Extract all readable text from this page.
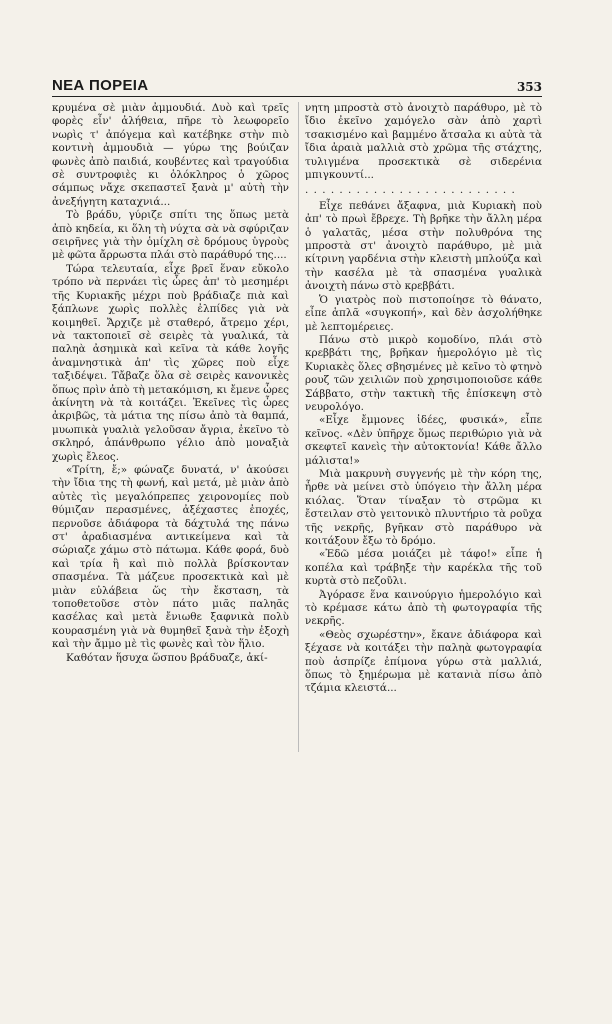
ΝΕΑ ΠΟΡΕΙΑ	353

κρυμένα σὲ μιὰν ἀμμουδιά. Δυὸ καὶ τρεῖς φορὲς εἶν' ἀλήθεια, πῆρε τὸ λεωφορεῖο νωρὶς τ' ἀπόγεμα καὶ κατέβηκε στὴν πιὸ κοντινὴ ἀμμουδιὰ — γύρω της βούιζαν φωνὲς ἀπὸ παιδιά, κουβέντες καὶ τραγούδια σὲ συντροφιὲς κι ὁλόκληρος ὁ χῶρος σάμπως νἄχε σκεπαστεῖ ξανὰ μ' αὐτὴ τὴν ἀνεξήγητη καταχνιά...

Τὸ βράδυ, γύριζε σπίτι της ὅπως μετὰ ἀπὸ κηδεία, κι ὅλη τὴ νύχτα σὰ νὰ σφύριζαν σειρῆνες γιὰ τὴν ὁμίχλη σὲ δρόμους ὑγροὺς μὲ φῶτα ἄρρωστα πλάι στὸ παράθυρό της....

Τώρα τελευταία, εἶχε βρεῖ ἕναν εὔκολο τρόπο νὰ περνάει τὶς ὧρες ἀπ' τὸ μεσημέρι τῆς Κυριακῆς μέχρι ποὺ βράδιαζε πιὰ καὶ ξάπλωνε χωρὶς πολλὲς ἐλπίδες γιὰ νὰ κοιμηθεῖ. Ἄρχιζε μὲ σταθερό, ἄτρεμο χέρι, νὰ τακτοποιεῖ σὲ σειρὲς τὰ γυαλικά, τὰ παληὰ ἀσημικὰ καὶ κεῖνα τὰ κάθε λογῆς ἀναμνηστικὰ ἀπ' τὶς χῶρες ποὺ εἶχε ταξιδέψει. Τἄβαζε ὅλα σὲ σειρὲς κανονικὲς ὅπως πρὶν ἀπὸ τὴ μετακόμιση, κι ἔμενε ὧρες ἀκίνητη νὰ τὰ κοιτάζει. Ἐκεῖνες τὶς ὧρες ἀκριβῶς, τὰ μάτια της πίσω ἀπὸ τὰ θαμπά, μυωπικὰ γυαλιὰ γελοῦσαν ἄγρια, ἐκεῖνο τὸ σκληρό, ἀπάνθρωπο γέλιο ἀπὸ μοναξιὰ χωρὶς ἔλεος.

«Τρίτη, ἔ;» φώναζε δυνατά, ν' ἀκούσει τὴν ἴδια της τὴ φωνή, καὶ μετά, μὲ μιὰν ἀπὸ αὐτὲς τὶς μεγαλόπρεπες χειρονομίες ποὺ θύμιζαν περασμένες, ἀξέχαστες ἐποχές, περνοῦσε ἀδιάφορα τὰ δάχτυλά της πάνω στ' ἀραδιασμένα αντικείμενα καὶ τὰ σώριαζε χάμω στὸ πάτωμα. Κάθε φορά, δυὸ καὶ τρία ἢ καὶ πιὸ πολλὰ βρίσκονταν σπασμένα. Τὰ μάζευε προσεκτικὰ καὶ μὲ μιὰν εὐλάβεια ὥς τὴν ἔκσταση, τὰ τοποθετοῦσε στὸν πάτο μιᾶς παληᾶς κασέλας καὶ μετὰ ἔνιωθε ξαφνικὰ πολὺ κουρασμένη γιὰ νὰ θυμηθεῖ ξανὰ τὴν ἐξοχὴ καὶ τὴν ἄμμο μὲ τὶς φωνὲς καὶ τὸν ἥλιο.

Καθόταν ἥσυχα ὥσπου βράδυαζε, ἀκί-

νητη μπροστὰ στὸ ἀνοιχτὸ παράθυρο, μὲ τὸ ἴδιο ἐκεῖνο χαμόγελο σὰν ἀπὸ χαρτὶ τσακισμένο καὶ βαμμένο ἄτσαλα κι αὐτὰ τὰ ἴδια ἀραιὰ μαλλιὰ στὸ χρῶμα τῆς στάχτης, τυλιγμένα προσεκτικὰ σὲ σιδερένια μπιγκουντί...

. . . . . . . . . . . . . . . . . . . . . . . . .

Εἶχε πεθάνει ἄξαφνα, μιὰ Κυριακὴ ποὺ ἀπ' τὸ πρωὶ ἔβρεχε. Τὴ βρῆκε τὴν ἄλλη μέρα ὁ γαλατᾶς, μέσα στὴν πολυθρόνα της μπροστὰ στ' ἀνοιχτὸ παράθυρο, μὲ μιὰ κίτρινη γαρδένια στὴν κλειστὴ μπλούζα καὶ τὴν κασέλα μὲ τὰ σπασμένα γυαλικὰ ἀνοιχτὴ πάνω στὸ κρεββάτι.

Ὁ γιατρὸς ποὺ πιστοποίησε τὸ θάνατο, εἶπε ἁπλᾶ «συγκοπή», καὶ δὲν ἀσχολήθηκε μὲ λεπτομέρειες.

Πάνω στὸ μικρὸ κομοδίνο, πλάι στὸ κρεββάτι της, βρῆκαν ἡμερολόγιο μὲ τὶς Κυριακὲς ὅλες σβησμένες μὲ κεῖνο τὸ φτηνὸ ρουζ τῶν χειλιῶν ποὺ χρησιμοποιοῦσε κάθε Σάββατο, στὴν τακτικὴ τῆς ἐπίσκεψη στὸ νευρολόγο.

«Εἶχε ἔμμονες ἰδέες, φυσικά», εἶπε κεῖνος. «Δὲν ὑπῆρχε ὅμως περιθώριο γιὰ νὰ σκεφτεῖ κανεὶς τὴν αὐτοκτονία! Κάθε ἄλλο μάλιστα!»

Μιὰ μακρυνὴ συγγενής μὲ τὴν κόρη της, ἦρθε νὰ μείνει στὸ ὑπόγειο τὴν ἄλλη μέρα κιόλας. Ὅταν τίναξαν τὸ στρῶμα κι ἔστειλαν στὸ γειτονικὸ πλυντήριο τὰ ροῦχα τῆς νεκρῆς, βγῆκαν στὸ παράθυρο νὰ κοιτάξουν ἔξω τὸ δρόμο.

«Ἐδῶ μέσα μοιάζει μὲ τάφο!» εἶπε ἡ κοπέλα καὶ τράβηξε τὴν καρέκλα τῆς τοῦ κυρτὰ στὸ πεζοῦλι.

Ἀγόρασε ἕνα καινούργιο ἡμερολόγιο καὶ τὸ κρέμασε κάτω ἀπὸ τὴ φωτογραφία τῆς νεκρῆς.

«Θεὸς σχωρέστην», ἔκανε ἀδιάφορα καὶ ξέχασε νὰ κοιτάξει τὴν παληὰ φωτογραφία ποὺ ἀσπρίζε ἐπίμονα γύρω στὰ μαλλιά, ὅπως τὸ ξημέρωμα μὲ κατανιὰ πίσω ἀπὸ τζάμια κλειστά...
